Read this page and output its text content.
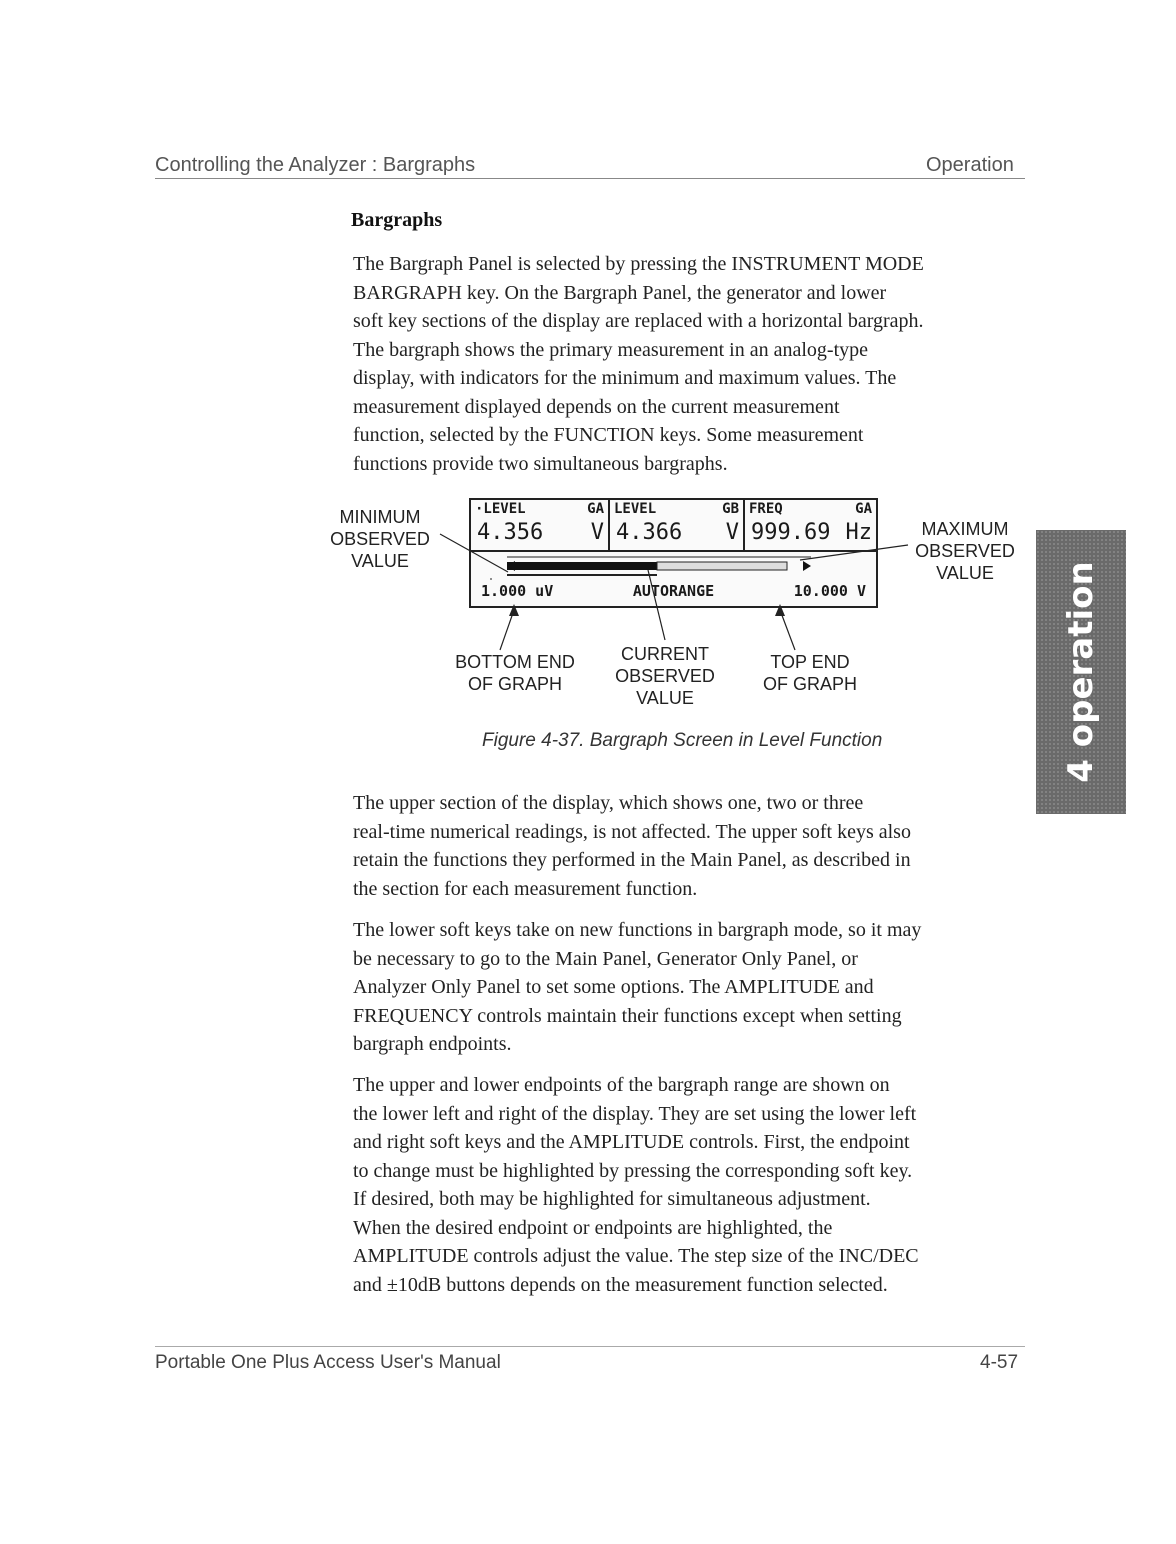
Controlling the Analyzer : Bargraphs	Operation
Bargraphs
The Bargraph Panel is selected by pressing the INSTRUMENT MODE
BARGRAPH key. On the Bargraph Panel, the generator and lower
soft key sections of the display are replaced with a horizontal bargraph.
The bargraph shows the primary measurement in an analog-type
display, with indicators for the minimum and maximum values. The
measurement displayed depends on the current measurement
function, selected by the FUNCTION keys. Some measurement
functions provide two simultaneous bargraphs.
MINIMUM
OBSERVED
VALUE
MAXIMUM
OBSERVED
VALUE
BOTTOM END
OF GRAPH
CURRENT
OBSERVED
VALUE
TOP END
OF GRAPH
·LEVEL	GA
4.356 V
LEVEL	GB
4.366 V
FREQ	GA
999.69 Hz
1.000 uV	AUTORANGE	10.000 V
Figure 4-37. Bargraph Screen in Level Function
The upper section of the display, which shows one, two or three
real-time numerical readings, is not affected. The upper soft keys also
retain the functions they performed in the Main Panel, as described in
the section for each measurement function.
The lower soft keys take on new functions in bargraph mode, so it may
be necessary to go to the Main Panel, Generator Only Panel, or
Analyzer Only Panel to set some options. The AMPLITUDE and
FREQUENCY controls maintain their functions except when setting
bargraph endpoints.
The upper and lower endpoints of the bargraph range are shown on
the lower left and right of the display. They are set using the lower left
and right soft keys and the AMPLITUDE controls. First, the endpoint
to change must be highlighted by pressing the corresponding soft key.
If desired, both may be highlighted for simultaneous adjustment.
When the desired endpoint or endpoints are highlighted, the
AMPLITUDE controls adjust the value. The step size of the INC/DEC
and ±10dB buttons depends on the measurement function selected.
4 operation
Portable One Plus Access User's Manual	4-57
